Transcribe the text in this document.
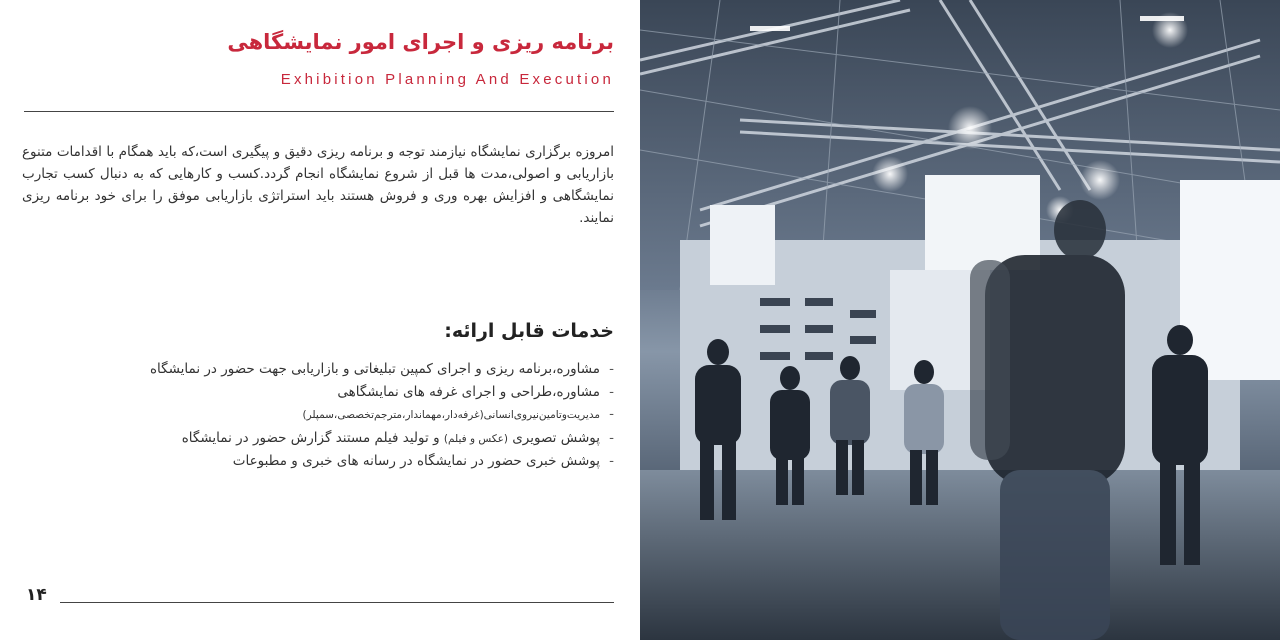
برنامه ریزی و اجرای امور نمایشگاهی
Exhibition Planning And Execution

امروزه برگزاری نمایشگاه نیازمند توجه و برنامه ریزی دقیق و پیگیری است،که باید همگام با اقدامات متنوع بازاریابی و اصولی،مدت ها قبل از شروع نمایشگاه انجام گردد.کسب و کارهایی که به دنبال کسب تجارب نمایشگاهی و افزایش بهره وری و فروش هستند باید استراتژی بازاریابی موفق را برای خود برنامه ریزی نمایند.

خدمات قابل ارائه:
-مشاوره،برنامه ریزی و اجرای کمپین تبلیغاتی و بازاریابی جهت حضور در نمایشگاه
-مشاوره،طراحی و اجرای غرفه های نمایشگاهی
-مدیریت‌وتامین‌نیروی‌انسانی(غرفه‌دار،مهماندار،مترجم‌تخصصی،سمپلر)
-پوشش تصویری (عکس و فیلم) و تولید فیلم مستند گزارش حضور در نمایشگاه
-پوشش خبری حضور در نمایشگاه در رسانه های خبری و مطبوعات
۱۴
